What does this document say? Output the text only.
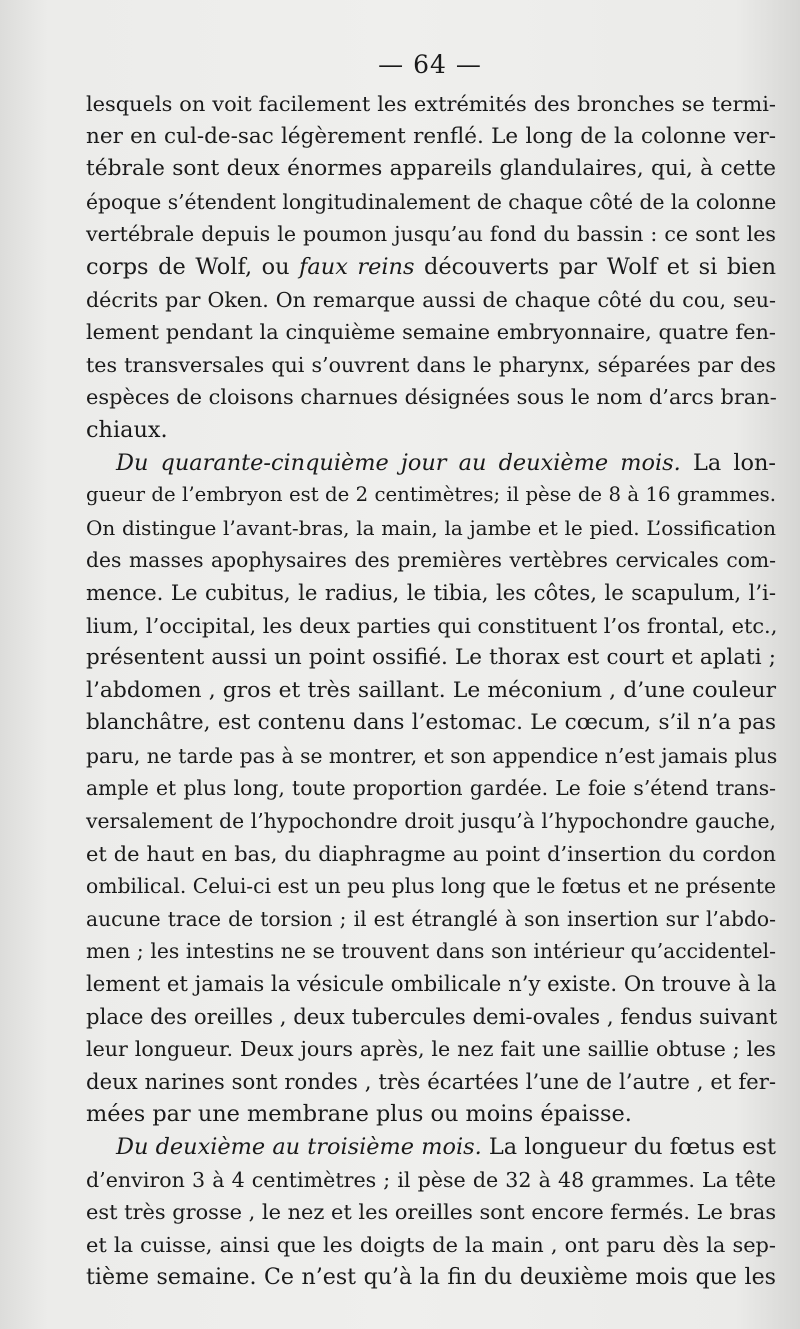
— 64 —
lesquels on voit facilement les extrémités des bronches se termi-
ner en cul-de-sac légèrement renflé. Le long de la colonne ver-
tébrale sont deux énormes appareils glandulaires, qui, à cette
époque s’étendent longitudinalement de chaque côté de la colonne
vertébrale depuis le poumon jusqu’au fond du bassin : ce sont les
corps de Wolf, ou faux reins découverts par Wolf et si bien
décrits par Oken. On remarque aussi de chaque côté du cou, seu-
lement pendant la cinquième semaine embryonnaire, quatre fen-
tes transversales qui s’ouvrent dans le pharynx, séparées par des
espèces de cloisons charnues désignées sous le nom d’arcs bran-
chiaux.
Du quarante-cinquième jour au deuxième mois. La lon-
gueur de l’embryon est de 2 centimètres; il pèse de 8 à 16 grammes.
On distingue l’avant-bras, la main, la jambe et le pied. L’ossification
des masses apophysaires des premières vertèbres cervicales com-
mence. Le cubitus, le radius, le tibia, les côtes, le scapulum, l’i-
lium, l’occipital, les deux parties qui constituent l’os frontal, etc.,
présentent aussi un point ossifié. Le thorax est court et aplati ;
l’abdomen , gros et très saillant. Le méconium , d’une couleur
blanchâtre, est contenu dans l’estomac. Le cœcum, s’il n’a pas
paru, ne tarde pas à se montrer, et son appendice n’est jamais plus
ample et plus long, toute proportion gardée. Le foie s’étend trans-
versalement de l’hypochondre droit jusqu’à l’hypochondre gauche,
et de haut en bas, du diaphragme au point d’insertion du cordon
ombilical. Celui-ci est un peu plus long que le fœtus et ne présente
aucune trace de torsion ; il est étranglé à son insertion sur l’abdo-
men ; les intestins ne se trouvent dans son intérieur qu’accidentel-
lement et jamais la vésicule ombilicale n’y existe. On trouve à la
place des oreilles , deux tubercules demi-ovales , fendus suivant
leur longueur. Deux jours après, le nez fait une saillie obtuse ; les
deux narines sont rondes , très écartées l’une de l’autre , et fer-
mées par une membrane plus ou moins épaisse.
Du deuxième au troisième mois. La longueur du fœtus est
d’environ 3 à 4 centimètres ; il pèse de 32 à 48 grammes. La tête
est très grosse , le nez et les oreilles sont encore fermés. Le bras
et la cuisse, ainsi que les doigts de la main , ont paru dès la sep-
tième semaine. Ce n’est qu’à la fin du deuxième mois que les
